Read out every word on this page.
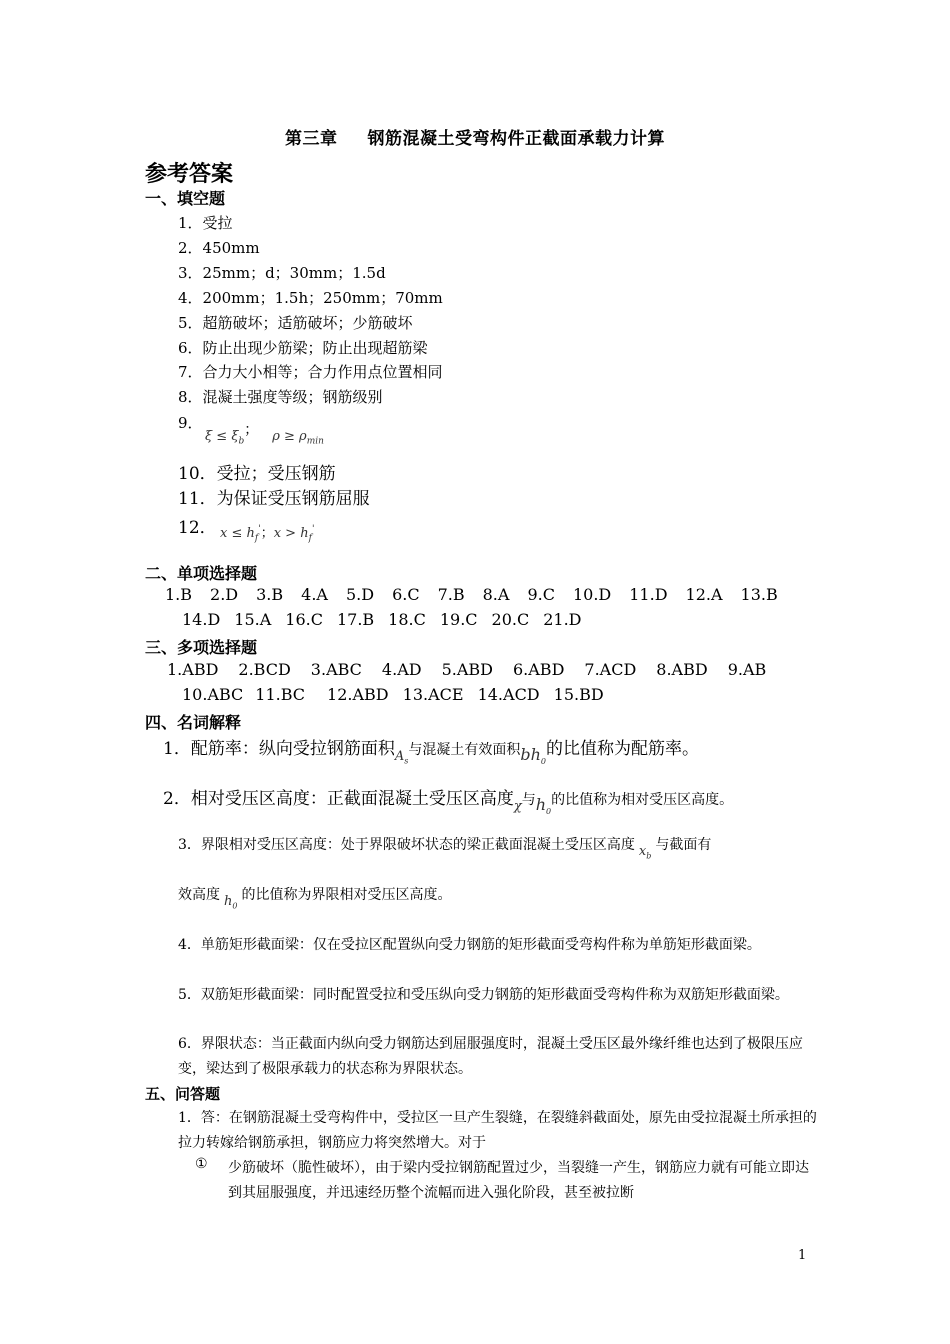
第三章 钢筋混凝土受弯构件正截面承载力计算
参考答案
一、填空题
1．受拉
2．450mm
3．25mm；d；30mm；1.5d
4．200mm；1.5h；250mm；70mm
5．超筋破坏；适筋破坏；少筋破坏
6．防止出现少筋梁；防止出现超筋梁
7．合力大小相等；合力作用点位置相同
8．混凝土强度等级；钢筋级别
9．
$\xi \le \xi_b$； $\rho \ge \rho_{min}$
10．受拉；受压钢筋
11．为保证受压钢筋屈服
12． $x \le h_f'$；$x > h_f'$
二、单项选择题
1.B 2.D 3.B 4.A 5.D 6.C 7.B 8.A 9.C 10.D 11.D 12.A 13.B
14.D 15.A 16.C 17.B 18.C 19.C 20.C 21.D
三、多项选择题
1.ABD 2.BCD 3.ABC 4.AD 5.ABD 6.ABD 7.ACD 8.ABD 9.AB
10.ABC 11.BC 12.ABD 13.ACE 14.ACD 15.BD
四、名词解释
1．配筋率：纵向受拉钢筋面积$_{A_s}$与混凝土有效面积$bh_0$的比值称为配筋率。
2．相对受压区高度：正截面混凝土受压区高度$_\chi$与$h_0$的比值称为相对受压区高度。
3．界限相对受压区高度：处于界限破坏状态的梁正截面混凝土受压区高度 $x_b$与截面有
效高度 $h_0$的比值称为界限相对受压区高度。
4．单筋矩形截面梁：仅在受拉区配置纵向受力钢筋的矩形截面受弯构件称为单筋矩形截面梁。
5．双筋矩形截面梁：同时配置受拉和受压纵向受力钢筋的矩形截面受弯构件称为双筋矩形截面梁。
6．界限状态：当正截面内纵向受力钢筋达到屈服强度时，混凝土受压区最外缘纤维也达到了极限压应变，梁达到了极限承载力的状态称为界限状态。
五、问答题
1．答：在钢筋混凝土受弯构件中，受拉区一旦产生裂缝，在裂缝斜截面处，原先由受拉混凝土所承担的拉力转嫁给钢筋承担，钢筋应力将突然增大。对于
① 少筋破坏（脆性破坏），由于梁内受拉钢筋配置过少，当裂缝一产生，钢筋应力就有可能立即达到其屈服强度，并迅速经历整个流幅而进入强化阶段，甚至被拉断
1
